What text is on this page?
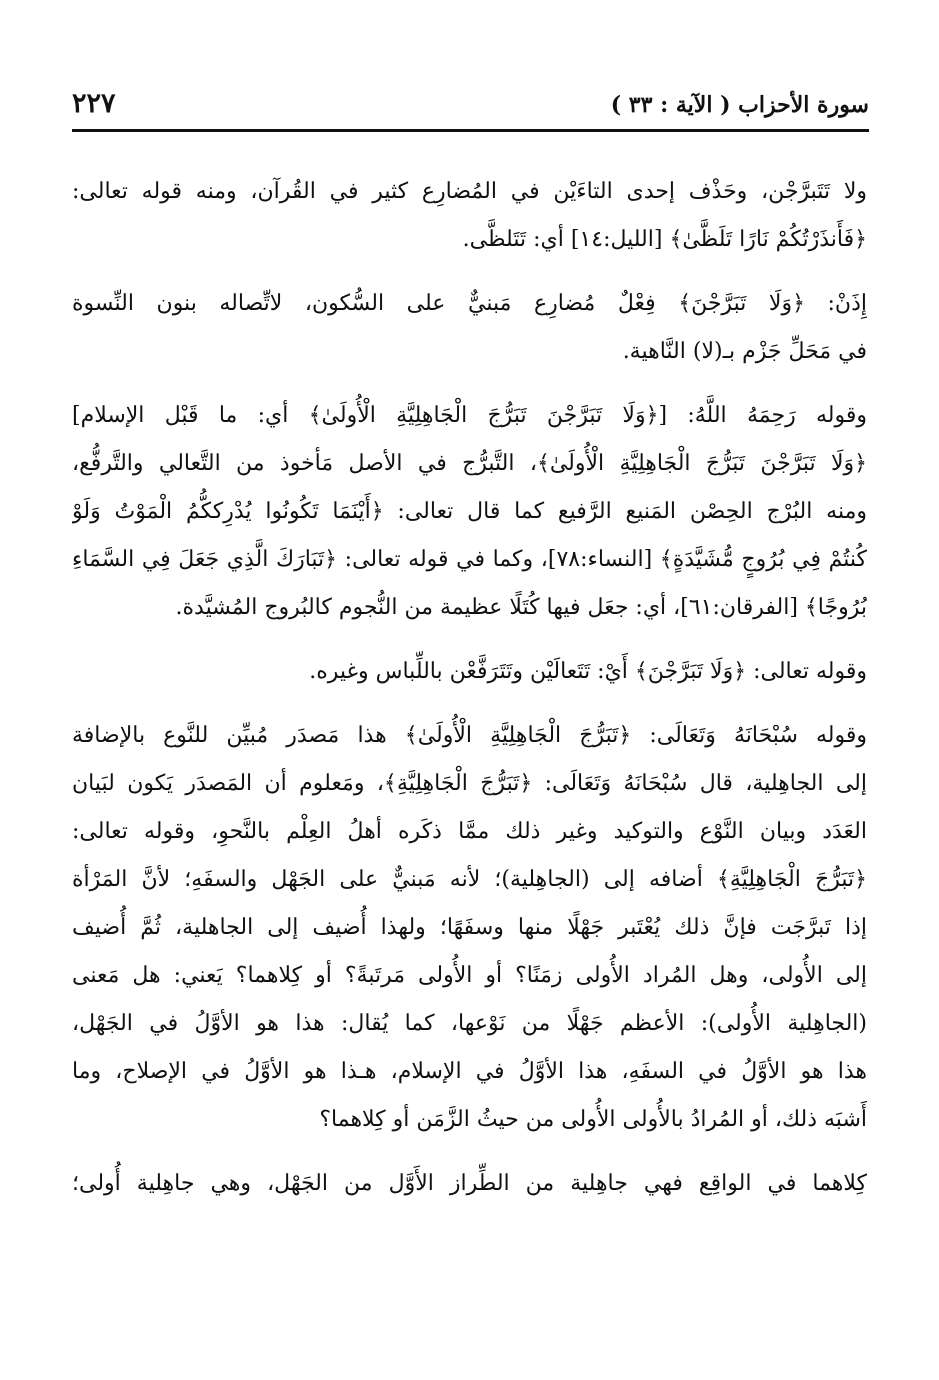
سورة الأحزاب ( الآية : ٣٣ )
٢٢٧
ولا تَتَبرَّجْن، وحَذْف إحدى التاءَيْن في المُضارِع كثير في القُرآن، ومنه قوله تعالى:
﴿فَأَنذَرْتُكُمْ نَارًا تَلَظَّىٰ﴾ [الليل:١٤] أي: تَتَلظَّى.
إِذَنْ: ﴿وَلَا تَبَرَّجْنَ﴾ فِعْلٌ مُضارِع مَبنيٌّ على السُّكون، لاتِّصاله بنون النِّسوة
في مَحَلِّ جَزْم بـ(لا) النَّاهية.
وقوله رَحِمَهُ اللَّهُ: [﴿وَلَا تَبَرَّجْنَ تَبَرُّجَ الْجَاهِلِيَّةِ الْأُولَىٰ﴾ أي: ما قَبْل الإسلام]
﴿وَلَا تَبَرَّجْنَ تَبَرُّجَ الْجَاهِلِيَّةِ الْأُولَىٰ﴾، التَّبرُّج في الأصل مَأخوذ من التَّعالي والتَّرفُّع،
ومنه البُرْج الحِصْن المَنيع الرَّفيع كما قال تعالى: ﴿أَيْنَمَا تَكُونُوا يُدْرِككُّمُ الْمَوْتُ وَلَوْ
كُنتُمْ فِي بُرُوجٍ مُّشَيَّدَةٍ﴾ [النساء:٧٨]، وكما في قوله تعالى: ﴿تَبَارَكَ الَّذِي جَعَلَ فِي السَّمَاءِ
بُرُوجًا﴾ [الفرقان:٦١]، أي: جعَل فيها كُتَلًا عظيمة من النُّجوم كالبُروج المُشيَّدة.
وقوله تعالى: ﴿وَلَا تَبَرَّجْنَ﴾ أَيْ: تَتَعالَيْن وتَتَرَفَّعْن باللِّباس وغيره.
وقوله سُبْحَانَهُ وَتَعَالَى: ﴿تَبَرُّجَ الْجَاهِلِيَّةِ الْأُولَىٰ﴾ هذا مَصدَر مُبيِّن للنَّوع بالإضافة
إلى الجاهِلية، قال سُبْحَانَهُ وَتَعَالَى: ﴿تَبَرُّجَ الْجَاهِلِيَّةِ﴾، ومَعلوم أن المَصدَر يَكون لبَيان
العَدَد وبيان النَّوْع والتوكيد وغير ذلك ممَّا ذكَره أهلُ العِلْم بالنَّحوِ، وقوله تعالى:
﴿تَبَرُّجَ الْجَاهِلِيَّةِ﴾ أضافه إلى (الجاهِلية)؛ لأنه مَبنيٌّ على الجَهْل والسفَهِ؛ لأنَّ المَرْأة
إذا تَبرَّجَت فإنَّ ذلك يُعْتَبر جَهْلًا منها وسفَهًا؛ ولهذا أُضيف إلى الجاهلية، ثُمَّ أُضيف
إلى الأُولى، وهل المُراد الأُولى زمَنًا؟ أو الأُولى مَرتَبةً؟ أو كِلاهما؟ يَعني: هل مَعنى
(الجاهِلية الأُولى): الأعظم جَهْلًا من نَوْعها، كما يُقال: هذا هو الأوَّلُ في الجَهْل،
هذا هو الأوَّلُ في السفَهِ، هذا الأوَّلُ في الإسلام، هـذا هو الأوَّلُ في الإصلاح، وما
أَشبَه ذلك، أو المُرادُ بالأُولى الأُولى من حيثُ الزَّمَن أو كِلاهما؟
كِلاهما في الواقِع فهي جاهِلية من الطِّراز الأَوَّل من الجَهْل، وهي جاهِلية أُولى؛
